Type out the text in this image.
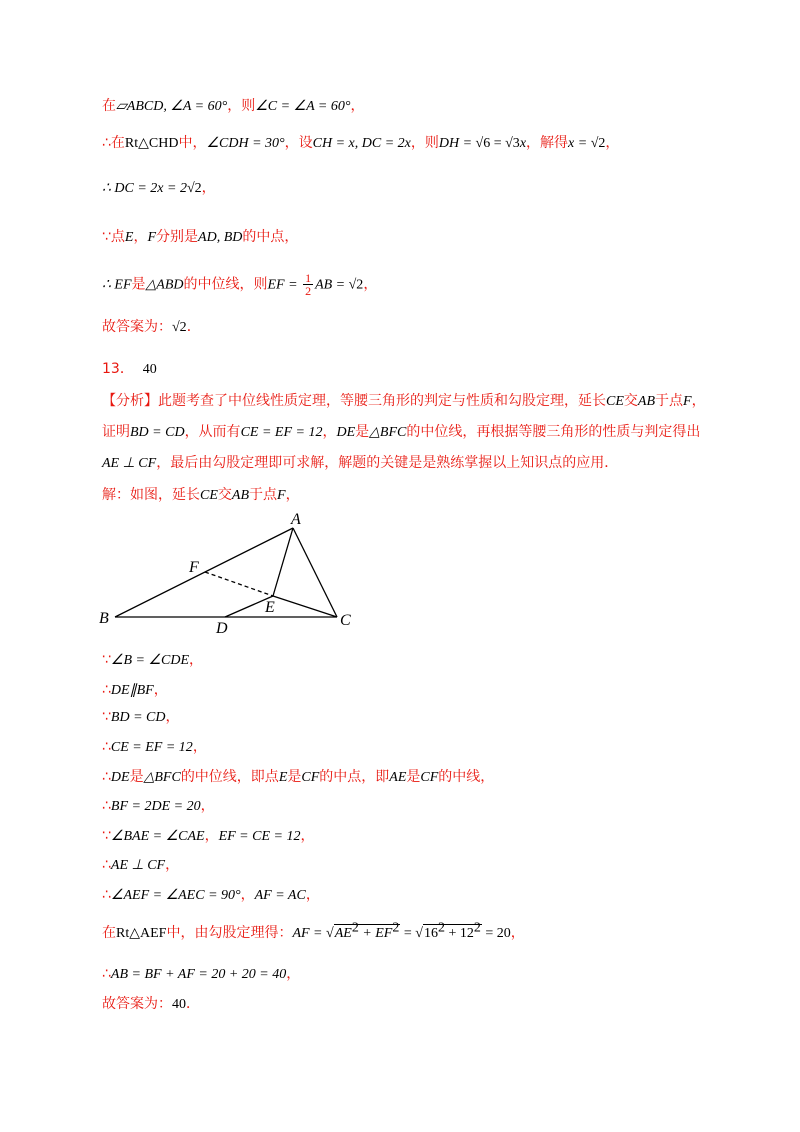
在▱ABCD, ∠A = 60°，则∠C = ∠A = 60°，
∴在Rt△CHD中，∠CDH = 30°，设CH = x, DC = 2x，则DH = √6 = √3x，解得x = √2，
∴ DC = 2x = 2√2，
∵点E，F分别是AD, BD的中点，
∴ EF是△ABD的中位线，则EF = $\frac{1}{2}$ AB = √2，
故答案为：√2．
13． 40
【分析】此题考查了中位线性质定理，等腰三角形的判定与性质和勾股定理，延长CE交AB于点F，
证明BD = CD，从而有CE = EF = 12，DE是△BFC的中位线，再根据等腰三角形的性质与判定得出
AE ⊥ CF，最后由勾股定理即可求解，解题的关键是是熟练掌握以上知识点的应用．
解：如图，延长CE交AB于点F，
A
B	C
D
E
F
∵∠B = ∠CDE，
∴DE∥BF，
∵BD = CD，
∴CE = EF = 12，
∴DE是△BFC的中位线，即点E是CF的中点，即AE是CF的中线，
∴BF = 2DE = 20，
∵∠BAE = ∠CAE，EF = CE = 12，
∴AE ⊥ CF，
∴∠AEF = ∠AEC = 90°，AF = AC，
在Rt△AEF中，由勾股定理得：AF = $√AE^2 + EF^2 = √16^2 + 12^2 = 20$，
∴AB = BF + AF = 20 + 20 = 40，
故答案为：40．
